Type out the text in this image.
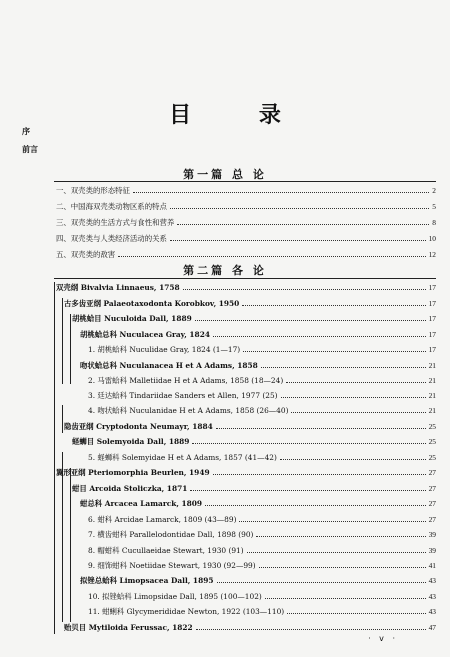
目 录
序
前言
第一篇 总 论
一、双壳类的形态特征	2
二、中国海双壳类动物区系的特点	5
三、双壳类的生活方式与食性和营养	8
四、双壳类与人类经济活动的关系	10
五、双壳类的敌害	12
第二篇 各 论
双壳纲 Bivalvia Linnaeus, 1758	17
古多齿亚纲 Palaeotaxodonta Korobkov, 1950	17
胡桃蛤目 Nuculoida Dall, 1889	17
胡桃蛤总科 Nuculacea Gray, 1824	17
1. 胡桃蛤科 Nuculidae Gray, 1824 (1—17)	17
吻状蛤总科 Nuculanacea H et A Adams, 1858	21
2. 马雷蛤科 Malletiidae H et A Adams, 1858 (18—24)	21
3. 廷达蛤科 Tindariidae Sanders et Allen, 1977 (25)	21
4. 吻状蛤科 Nuculanidae H et A Adams, 1858 (26—40)	21
隐齿亚纲 Cryptodonta Neumayr, 1884	25
蛏蛳目 Solemyoida Dall, 1889	25
5. 蛏蛳科 Solemyidae H et A Adams, 1857 (41—42)	25
翼形亚纲 Pteriomorphia Beurlen, 1949	27
蚶目 Arcoida Stoliczka, 1871	27
蚶总科 Arcacea Lamarck, 1809	27
6. 蚶科 Arcidae Lamarck, 1809 (43—89)	27
7. 横齿蚶科 Parallelodontidae Dall, 1898 (90)	39
8. 帽蚶科 Cucullaeidae Stewart, 1930 (91)	39
9. 细饰蚶科 Noetiidae Stewart, 1930 (92—99)	41
拟锉总蛤科 Limopsacea Dall, 1895	43
10. 拟锉蛤科 Limopsidae Dall, 1895 (100—102)	43
11. 蚶蜊科 Glycymerididae Newton, 1922 (103—110)	43
贻贝目 Mytiloida Ferussac, 1822	47
· v ·
